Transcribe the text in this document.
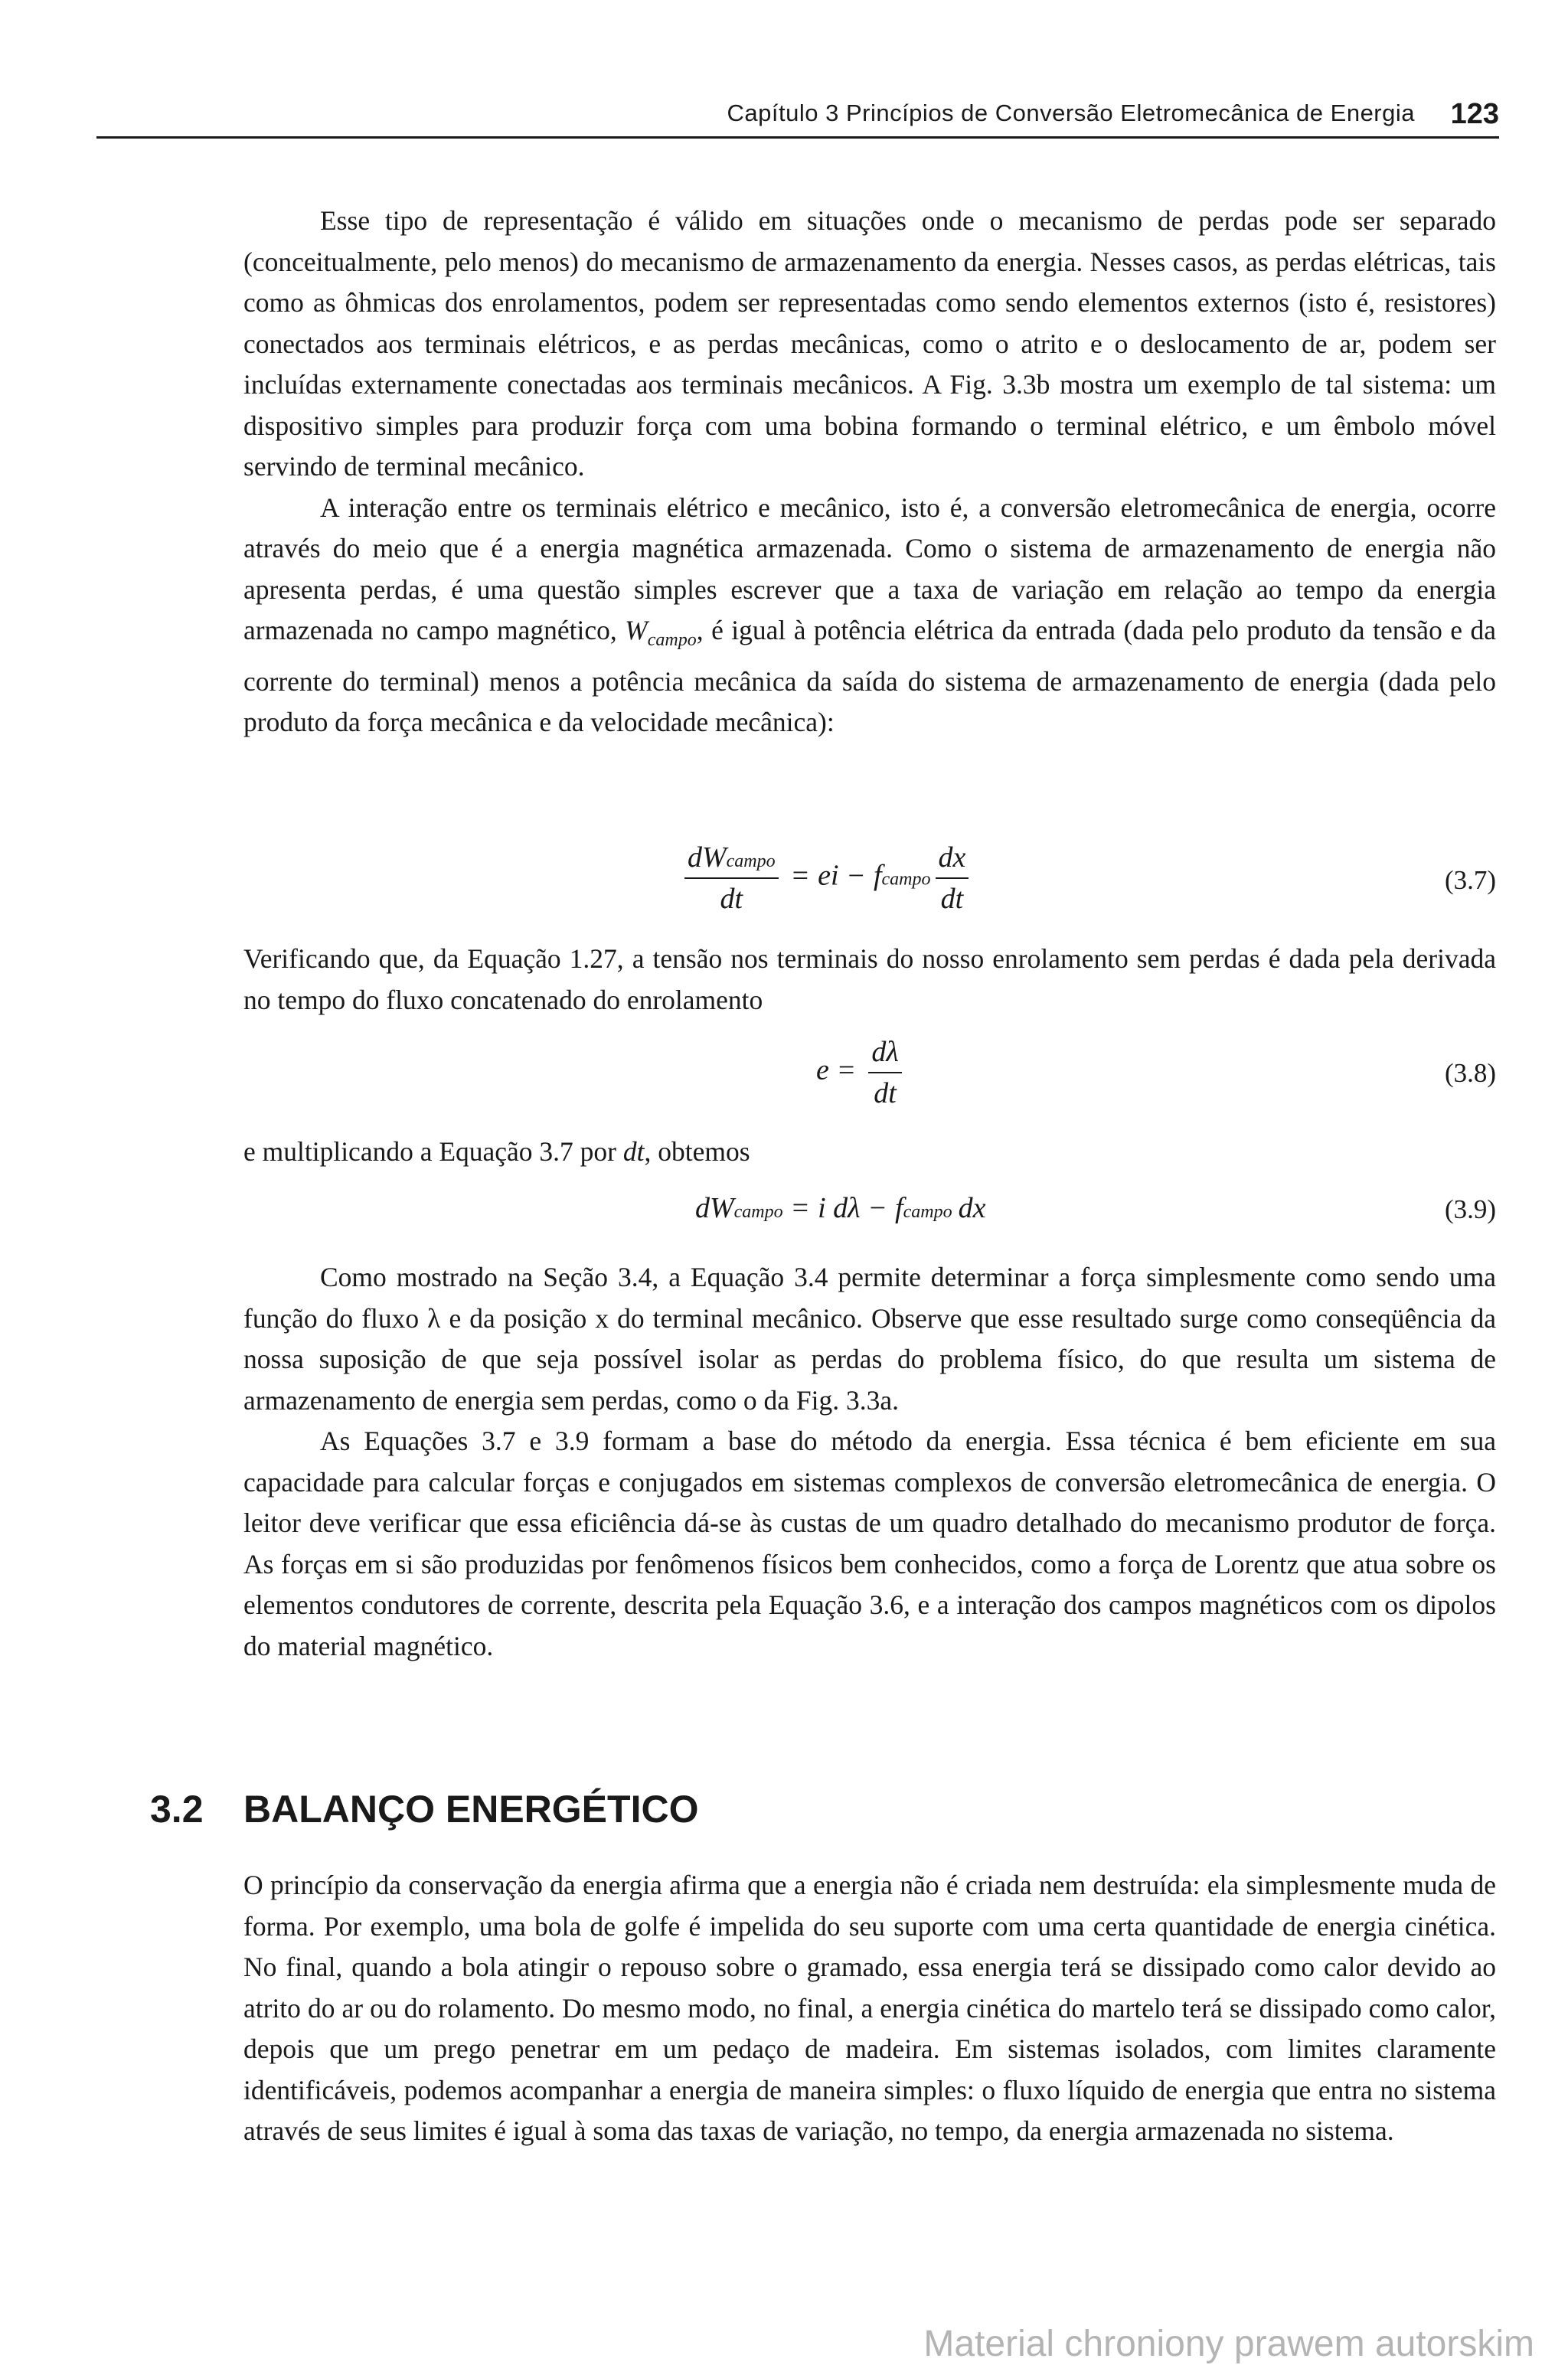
Capítulo 3 Princípios de Conversão Eletromecânica de Energia 123

Esse tipo de representação é válido em situações onde o mecanismo de perdas pode ser separado (conceitualmente, pelo menos) do mecanismo de armazenamento da energia. Nesses casos, as perdas elétricas, tais como as ôhmicas dos enrolamentos, podem ser representadas como sendo elementos externos (isto é, resistores) conectados aos terminais elétricos, e as perdas mecânicas, como o atrito e o deslocamento de ar, podem ser incluídas externamente conectadas aos terminais mecânicos. A Fig. 3.3b mostra um exemplo de tal sistema: um dispositivo simples para produzir força com uma bobina formando o terminal elétrico, e um êmbolo móvel servindo de terminal mecânico.

A interação entre os terminais elétrico e mecânico, isto é, a conversão eletromecânica de energia, ocorre através do meio que é a energia magnética armazenada. Como o sistema de armazenamento de energia não apresenta perdas, é uma questão simples escrever que a taxa de variação em relação ao tempo da energia armazenada no campo magnético, $W_{campo}$, é igual à potência elétrica da entrada (dada pelo produto da tensão e da corrente do terminal) menos a potência mecânica da saída do sistema de armazenamento de energia (dada pelo produto da força mecânica e da velocidade mecânica):

$\frac{\text{dWcampo}}{dt}$ = ei − fcampo $\frac{dx}{dt}$	(3.7)

Verificando que, da Equação 1.27, a tensão nos terminais do nosso enrolamento sem perdas é dada pela derivada no tempo do fluxo concatenado do enrolamento

$e = \frac{d\lambda}{dt}$	(3.8)

e multiplicando a Equação 3.7 por dt, obtemos

dWcampo = i dλ − fcampo dx	(3.9)

Como mostrado na Seção 3.4, a Equação 3.4 permite determinar a força simplesmente como sendo uma função do fluxo λ e da posição x do terminal mecânico. Observe que esse resultado surge como conseqüência da nossa suposição de que seja possível isolar as perdas do problema físico, do que resulta um sistema de armazenamento de energia sem perdas, como o da Fig. 3.3a.

As Equações 3.7 e 3.9 formam a base do método da energia. Essa técnica é bem eficiente em sua capacidade para calcular forças e conjugados em sistemas complexos de conversão eletromecânica de energia. O leitor deve verificar que essa eficiência dá-se às custas de um quadro detalhado do mecanismo produtor de força. As forças em si são produzidas por fenômenos físicos bem conhecidos, como a força de Lorentz que atua sobre os elementos condutores de corrente, descrita pela Equação 3.6, e a interação dos campos magnéticos com os dipolos do material magnético.

3.2 BALANÇO ENERGÉTICO

O princípio da conservação da energia afirma que a energia não é criada nem destruída: ela simplesmente muda de forma. Por exemplo, uma bola de golfe é impelida do seu suporte com uma certa quantidade de energia cinética. No final, quando a bola atingir o repouso sobre o gramado, essa energia terá se dissipado como calor devido ao atrito do ar ou do rolamento. Do mesmo modo, no final, a energia cinética do martelo terá se dissipado como calor, depois que um prego penetrar em um pedaço de madeira. Em sistemas isolados, com limites claramente identificáveis, podemos acompanhar a energia de maneira simples: o fluxo líquido de energia que entra no sistema através de seus limites é igual à soma das taxas de variação, no tempo, da energia armazenada no sistema.

Material chroniony prawem autorskim
